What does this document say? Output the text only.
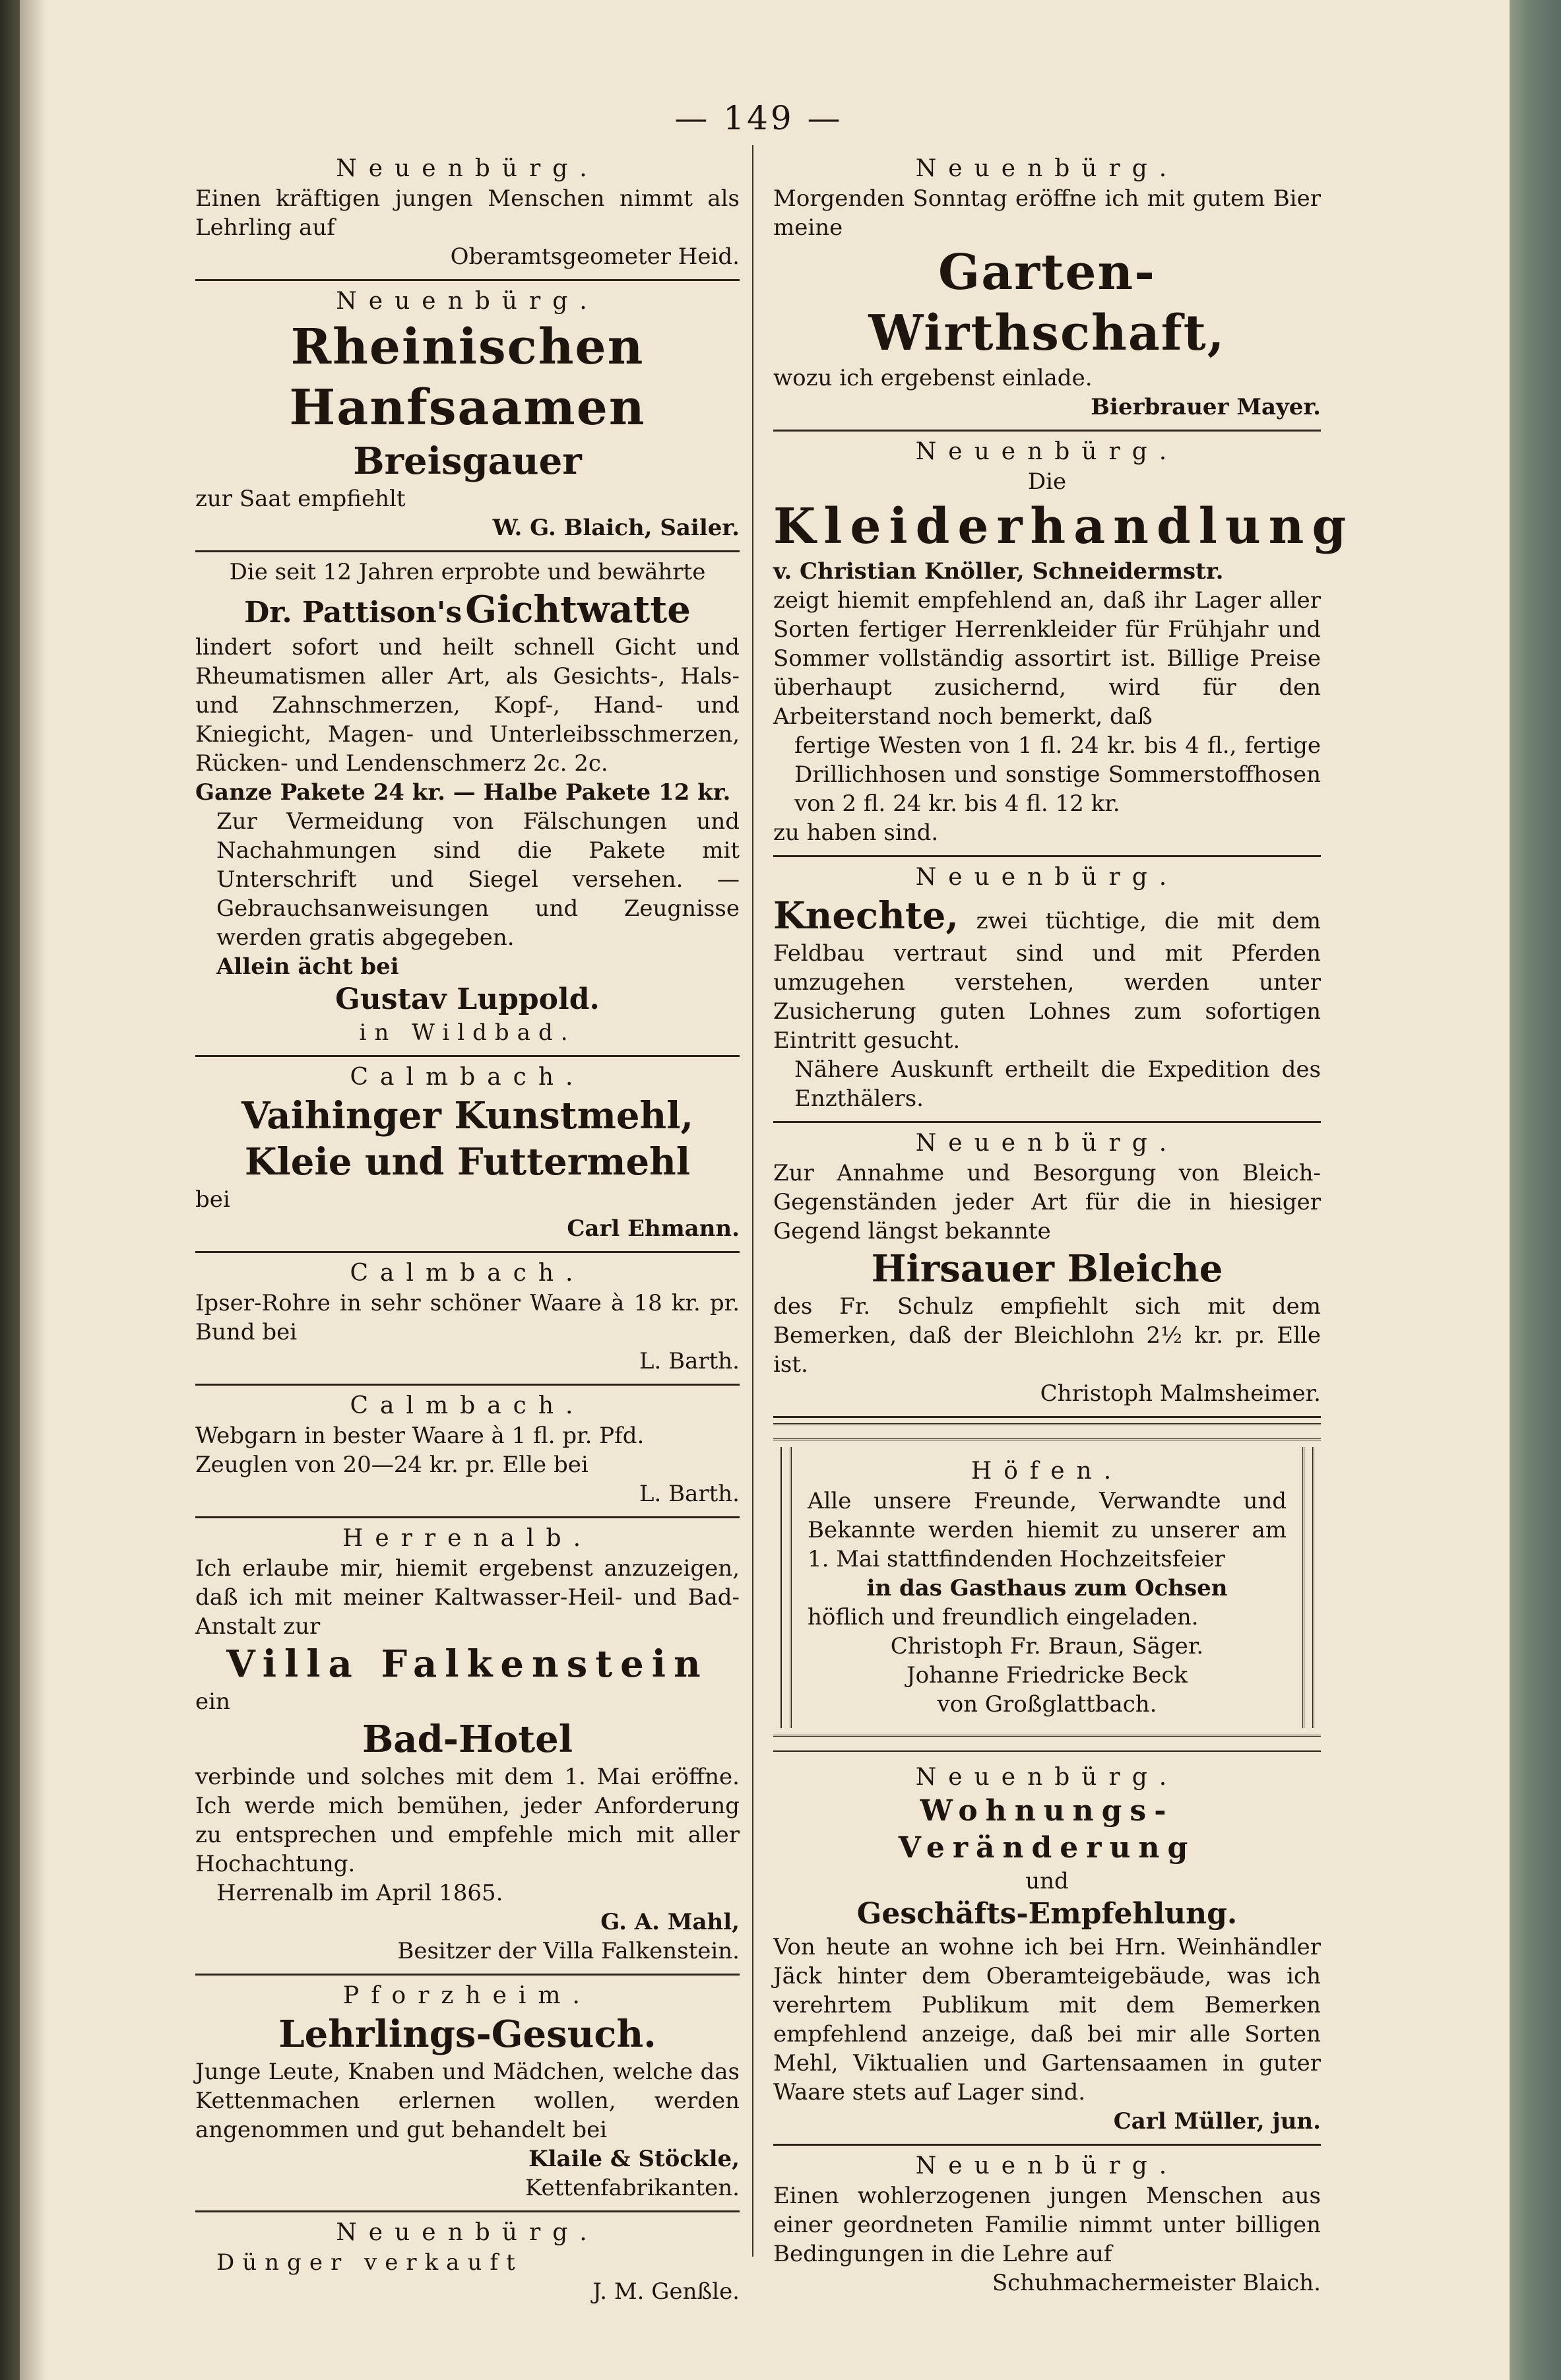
— 149 —
Neuenbürg.
Einen kräftigen jungen Menschen nimmt als Lehrling auf
Oberamtsgeometer Heid.
Neuenbürg.
Rheinischen Hanfsaamen
Breisgauer
zur Saat empfiehlt
W. G. Blaich, Sailer.
Die seit 12 Jahren erprobte und bewährte
Dr. Pattison's Gichtwatte
lindert sofort und heilt schnell Gicht und Rheumatismen aller Art, als Gesichts-, Hals- und Zahnschmerzen, Kopf-, Hand- und Kniegicht, Magen- und Unterleibsschmerzen, Rücken- und Lendenschmerz 2c. 2c.
Ganze Pakete 24 kr. — Halbe Pakete 12 kr.
Zur Vermeidung von Fälschungen und Nachahmungen sind die Pakete mit Unterschrift und Siegel versehen. — Gebrauchsanweisungen und Zeugnisse werden gratis abgegeben.
Allein ächt bei
Gustav Luppold.
in Wildbad.
Calmbach.
Vaihinger Kunstmehl,
Kleie und Futtermehl
bei
Carl Ehmann.
Calmbach.
Ipser-Rohre in sehr schöner Waare à 18 kr. pr. Bund bei
L. Barth.
Calmbach.
Webgarn in bester Waare à 1 fl. pr. Pfd.
Zeuglen von 20—24 kr. pr. Elle bei
L. Barth.
Herrenalb.
Ich erlaube mir, hiemit ergebenst anzuzeigen, daß ich mit meiner Kaltwasser-Heil- und Bad-Anstalt zur
Villa Falkenstein
ein
Bad-Hotel
verbinde und solches mit dem 1. Mai eröffne. Ich werde mich bemühen, jeder Anforderung zu entsprechen und empfehle mich mit aller Hochachtung.
Herrenalb im April 1865.
G. A. Mahl,
Besitzer der Villa Falkenstein.
Pforzheim.
Lehrlings-Gesuch.
Junge Leute, Knaben und Mädchen, welche das Kettenmachen erlernen wollen, werden angenommen und gut behandelt bei
Klaile & Stöckle,
Kettenfabrikanten.
Neuenbürg.
Dünger verkauft
J. M. Genßle.
Neuenbürg.
Morgenden Sonntag eröffne ich mit gutem Bier meine
Garten-Wirthschaft,
wozu ich ergebenst einlade.
Bierbrauer Mayer.
Neuenbürg.
Die
Kleiderhandlung
v. Christian Knöller, Schneidermstr.
zeigt hiemit empfehlend an, daß ihr Lager aller Sorten fertiger Herrenkleider für Frühjahr und Sommer vollständig assortirt ist. Billige Preise überhaupt zusichernd, wird für den Arbeiterstand noch bemerkt, daß
fertige Westen von 1 fl. 24 kr. bis 4 fl., fertige Drillichhosen und sonstige Sommerstoffhosen von 2 fl. 24 kr. bis 4 fl. 12 kr.
zu haben sind.
Neuenbürg.
Knechte, zwei tüchtige, die mit dem Feldbau vertraut sind und mit Pferden umzugehen verstehen, werden unter Zusicherung guten Lohnes zum sofortigen Eintritt gesucht.
Nähere Auskunft ertheilt die Expedition des Enzthälers.
Neuenbürg.
Zur Annahme und Besorgung von Bleich-Gegenständen jeder Art für die in hiesiger Gegend längst bekannte
Hirsauer Bleiche
des Fr. Schulz empfiehlt sich mit dem Bemerken, daß der Bleichlohn 2½ kr. pr. Elle ist.
Christoph Malmsheimer.
Höfen.
Alle unsere Freunde, Verwandte und Bekannte werden hiemit zu unserer am 1. Mai stattfindenden Hochzeitsfeier
in das Gasthaus zum Ochsen
höflich und freundlich eingeladen.
Christoph Fr. Braun, Säger.
Johanne Friedricke Beck
von Großglattbach.
Neuenbürg.
Wohnungs-Veränderung
und
Geschäfts-Empfehlung.
Von heute an wohne ich bei Hrn. Weinhändler Jäck hinter dem Oberamteigebäude, was ich verehrtem Publikum mit dem Bemerken empfehlend anzeige, daß bei mir alle Sorten Mehl, Viktualien und Gartensaamen in guter Waare stets auf Lager sind.
Carl Müller, jun.
Neuenbürg.
Einen wohlerzogenen jungen Menschen aus einer geordneten Familie nimmt unter billigen Bedingungen in die Lehre auf
Schuhmachermeister Blaich.
